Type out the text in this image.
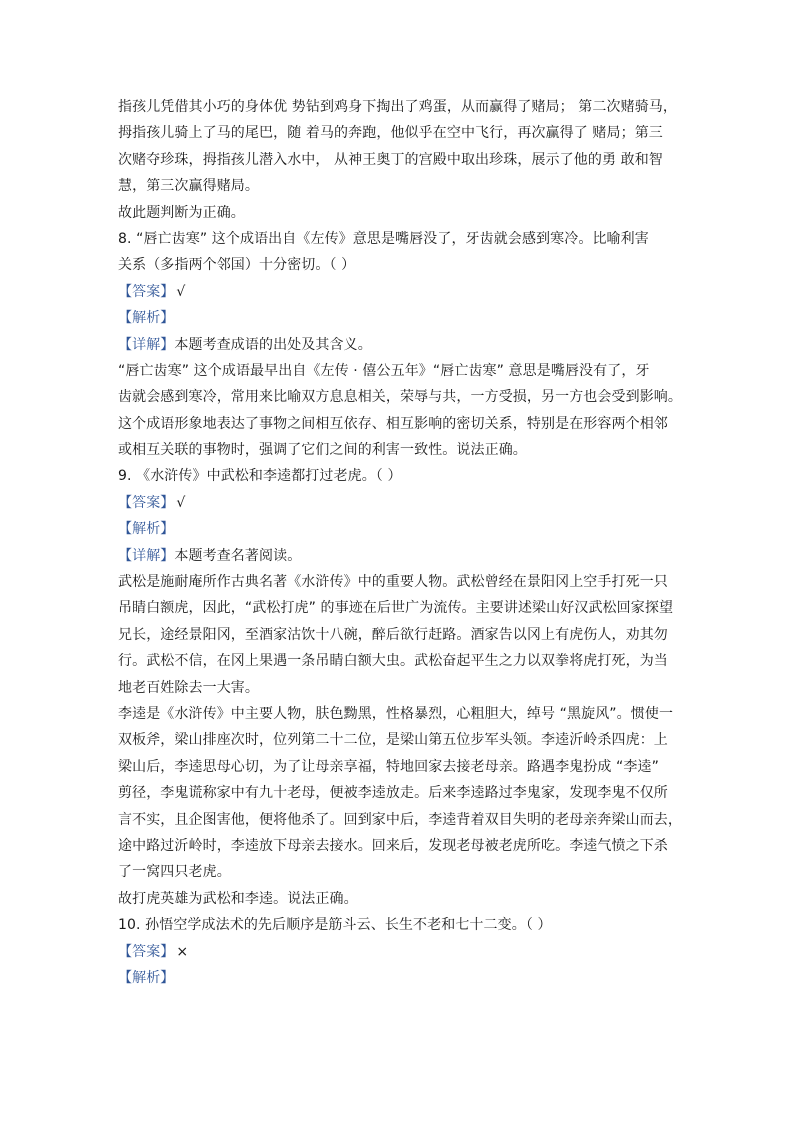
指孩儿凭借其小巧的身体优 势钻到鸡身下掏出了鸡蛋，从而赢得了赌局； 第二次赌骑马，
拇指孩儿骑上了马的尾巴，随 着马的奔跑，他似乎在空中飞行，再次赢得了 赌局；第三
次赌夺珍珠，拇指孩儿潜入水中， 从神王奥丁的宫殿中取出珍珠，展示了他的勇 敢和智
慧，第三次赢得赌局。
故此题判断为正确。
8. “唇亡齿寒” 这个成语出自《左传》意思是嘴唇没了，牙齿就会感到寒冷。比喻利害
关系（多指两个邻国）十分密切。（ ）
【答案】 √
【解析】
【详解】本题考查成语的出处及其含义。
“唇亡齿寒” 这个成语最早出自《左传 · 僖公五年》“唇亡齿寒” 意思是嘴唇没有了，牙
齿就会感到寒冷，常用来比喻双方息息相关，荣辱与共，一方受损，另一方也会受到影响。
这个成语形象地表达了事物之间相互依存、相互影响的密切关系，特别是在形容两个相邻
或相互关联的事物时，强调了它们之间的利害一致性。说法正确。
9. 《水浒传》中武松和李逵都打过老虎。（ ）
【答案】 √
【解析】
【详解】本题考查名著阅读。
武松是施耐庵所作古典名著《水浒传》中的重要人物。武松曾经在景阳冈上空手打死一只
吊睛白额虎，因此，“武松打虎” 的事迹在后世广为流传。主要讲述梁山好汉武松回家探望
兄长，途经景阳冈，至酒家沽饮十八碗，醉后欲行赶路。酒家告以冈上有虎伤人，劝其勿
行。武松不信，在冈上果遇一条吊睛白额大虫。武松奋起平生之力以双拳将虎打死，为当
地老百姓除去一大害。
李逵是《水浒传》中主要人物，肤色黝黑，性格暴烈，心粗胆大，绰号 “黑旋风”。惯使一
双板斧，梁山排座次时，位列第二十二位，是梁山第五位步军头领。李逵沂岭杀四虎：上
梁山后，李逵思母心切，为了让母亲享福，特地回家去接老母亲。路遇李鬼扮成 “李逵”
剪径，李鬼谎称家中有九十老母，便被李逵放走。后来李逵路过李鬼家，发现李鬼不仅所
言不实，且企图害他，便将他杀了。回到家中后，李逵背着双目失明的老母亲奔梁山而去，
途中路过沂岭时，李逵放下母亲去接水。回来后，发现老母被老虎所吃。李逵气愤之下杀
了一窝四只老虎。
故打虎英雄为武松和李逵。说法正确。
10. 孙悟空学成法术的先后顺序是筋斗云、长生不老和七十二变。（ ）
【答案】 ×
【解析】
